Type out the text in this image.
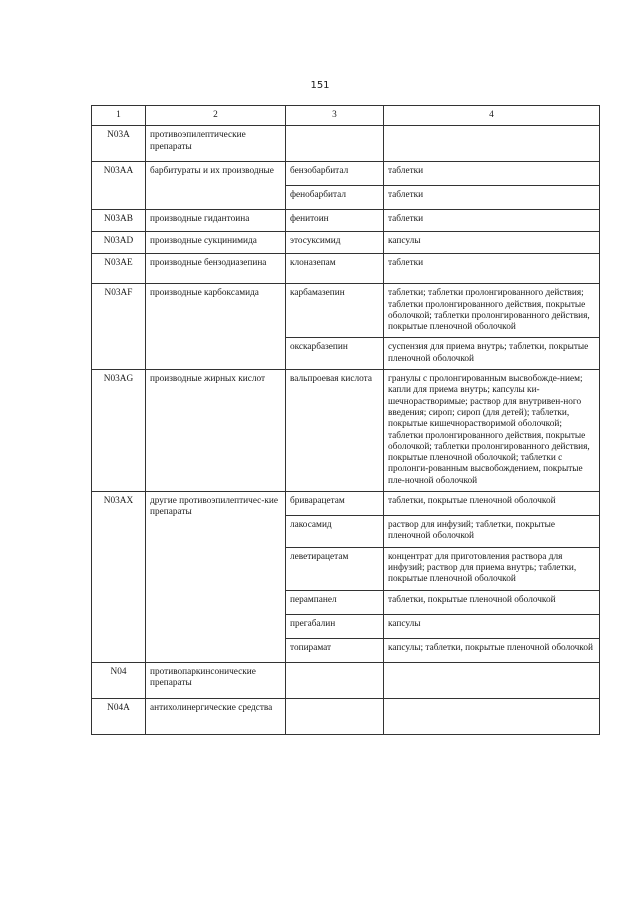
151
1	2	3	4
N03A	противоэпилептические препараты		
N03AA	барбитураты и их производные	бензобарбитал	таблетки
		фенобарбитал	таблетки
N03AB	производные гидантоина	фенитоин	таблетки
N03AD	производные сукцинимида	этосуксимид	капсулы
N03AE	производные бензодиазепина	клоназепам	таблетки
N03AF	производные карбоксамида	карбамазепин	таблетки; таблетки пролонгированного действия; таблетки пролонгированного действия, покрытые оболочкой; таблетки пролонгированного действия, покрытые пленочной оболочкой
		окскарбазепин	суспензия для приема внутрь; таблетки, покрытые пленочной оболочкой
N03AG	производные жирных кислот	вальпроевая кислота	гранулы с пролонгированным высвобожде-нием; капли для приема внутрь; капсулы ки-шечнорастворимые; раствор для внутривен-ного введения; сироп; сироп (для детей); таблетки, покрытые кишечнорастворимой оболочкой; таблетки пролонгированного действия, покрытые оболочкой; таблетки пролонгированного действия, покрытые пленочной оболочкой; таблетки с пролонги-рованным высвобождением, покрытые пле-ночной оболочкой
N03AX	другие противоэпилептичес-кие препараты	бриварацетам	таблетки, покрытые пленочной оболочкой
		лакосамид	раствор для инфузий; таблетки, покрытые пленочной оболочкой
		леветирацетам	концентрат для приготовления раствора для инфузий; раствор для приема внутрь; таблетки, покрытые пленочной оболочкой
		перампанел	таблетки, покрытые пленочной оболочкой
		прегабалин	капсулы
		топирамат	капсулы; таблетки, покрытые пленочной оболочкой
N04	противопаркинсонические препараты		
N04A	антихолинергические средства		
